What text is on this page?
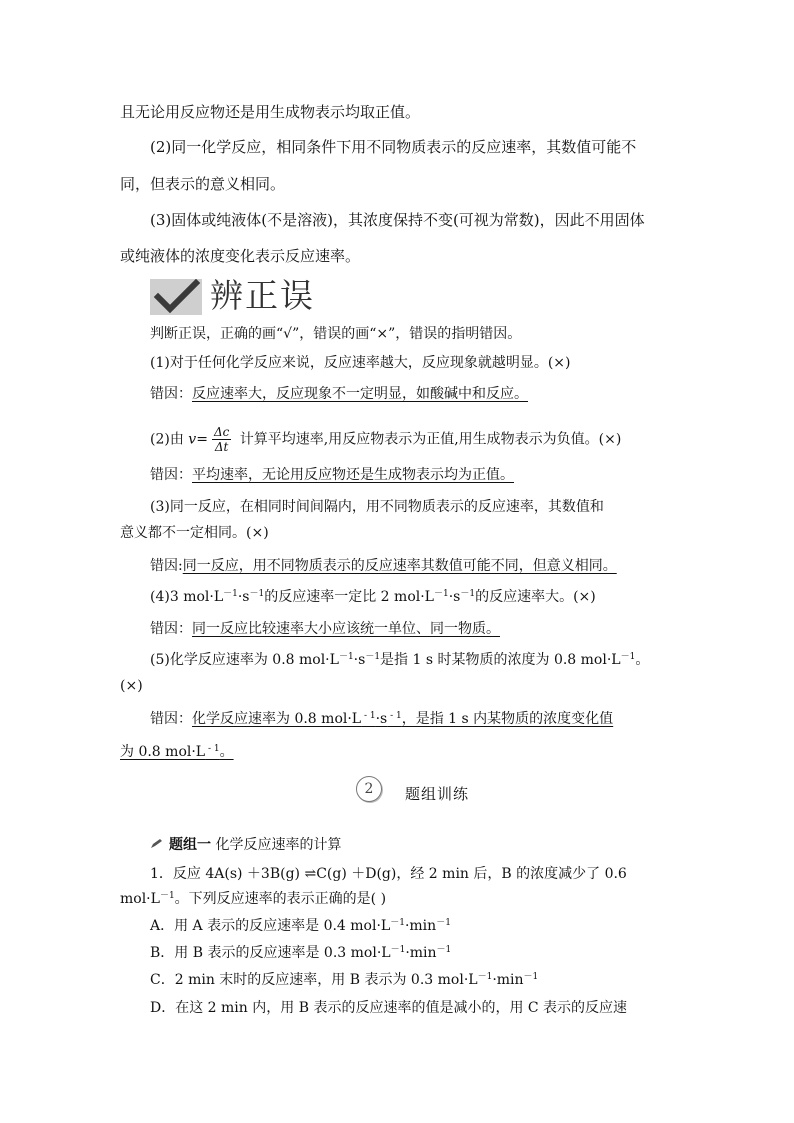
且无论用反应物还是用生成物表示均取正值。
(2)同一化学反应，相同条件下用不同物质表示的反应速率，其数值可能不
同，但表示的意义相同。
(3)固体或纯液体(不是溶液)，其浓度保持不变(可视为常数)，因此不用固体
或纯液体的浓度变化表示反应速率。
辨正误
判断正误，正确的画“√”，错误的画“×”，错误的指明错因。
(1)对于任何化学反应来说，反应速率越大，反应现象就越明显。(×)
错因：反应速率大，反应现象不一定明显，如酸碱中和反应。
(2)由 $v= \frac{\Delta c}{\Delta t}$ 计算平均速率,用反应物表示为正值,用生成物表示为负值。(×)
错因：平均速率，无论用反应物还是生成物表示均为正值。
(3)同一反应，在相同时间间隔内，用不同物质表示的反应速率，其数值和
意义都不一定相同。(×)
错因:同一反应，用不同物质表示的反应速率其数值可能不同，但意义相同。
(4)3 $mol\cdot L^{-1}\cdot s^{-1}$的反应速率一定比 2 $mol\cdot L^{-1}\cdot s^{-1}$的反应速率大。(×)
错因：同一反应比较速率大小应该统一单位、同一物质。
(5)化学反应速率为 0.8 $mol\cdot L^{-1}\cdot s^{-1}$是指 1 s 时某物质的浓度为 0.8 $mol\cdot L^{-1}$。
(×)
错因：化学反应速率为 0.8 mol·L $^{- 1}$·s $^{- 1}$，是指 1 s 内某物质的浓度变化值
为 0.8 mol·L $^{- 1}$。
2	题组训练
题组一 化学反应速率的计算
1．反应 4A(s) ＋3B(g) ⇌C(g) ＋D(g)，经 2 min 后，B 的浓度减少了 0.6
$mol\cdot L^{-1}$。下列反应速率的表示正确的是( )
A．用 A 表示的反应速率是 0.4 $mol\cdot L^{-1}\cdot\min^{-1}$
B．用 B 表示的反应速率是 0.3 $mol\cdot L^{-1}\cdot\min^{-1}$
C．2 min 末时的反应速率，用 B 表示为 0.3 $mol\cdot L^{-1}\cdot\min^{-1}$
D．在这 2 min 内，用 B 表示的反应速率的值是减小的，用 C 表示的反应速
